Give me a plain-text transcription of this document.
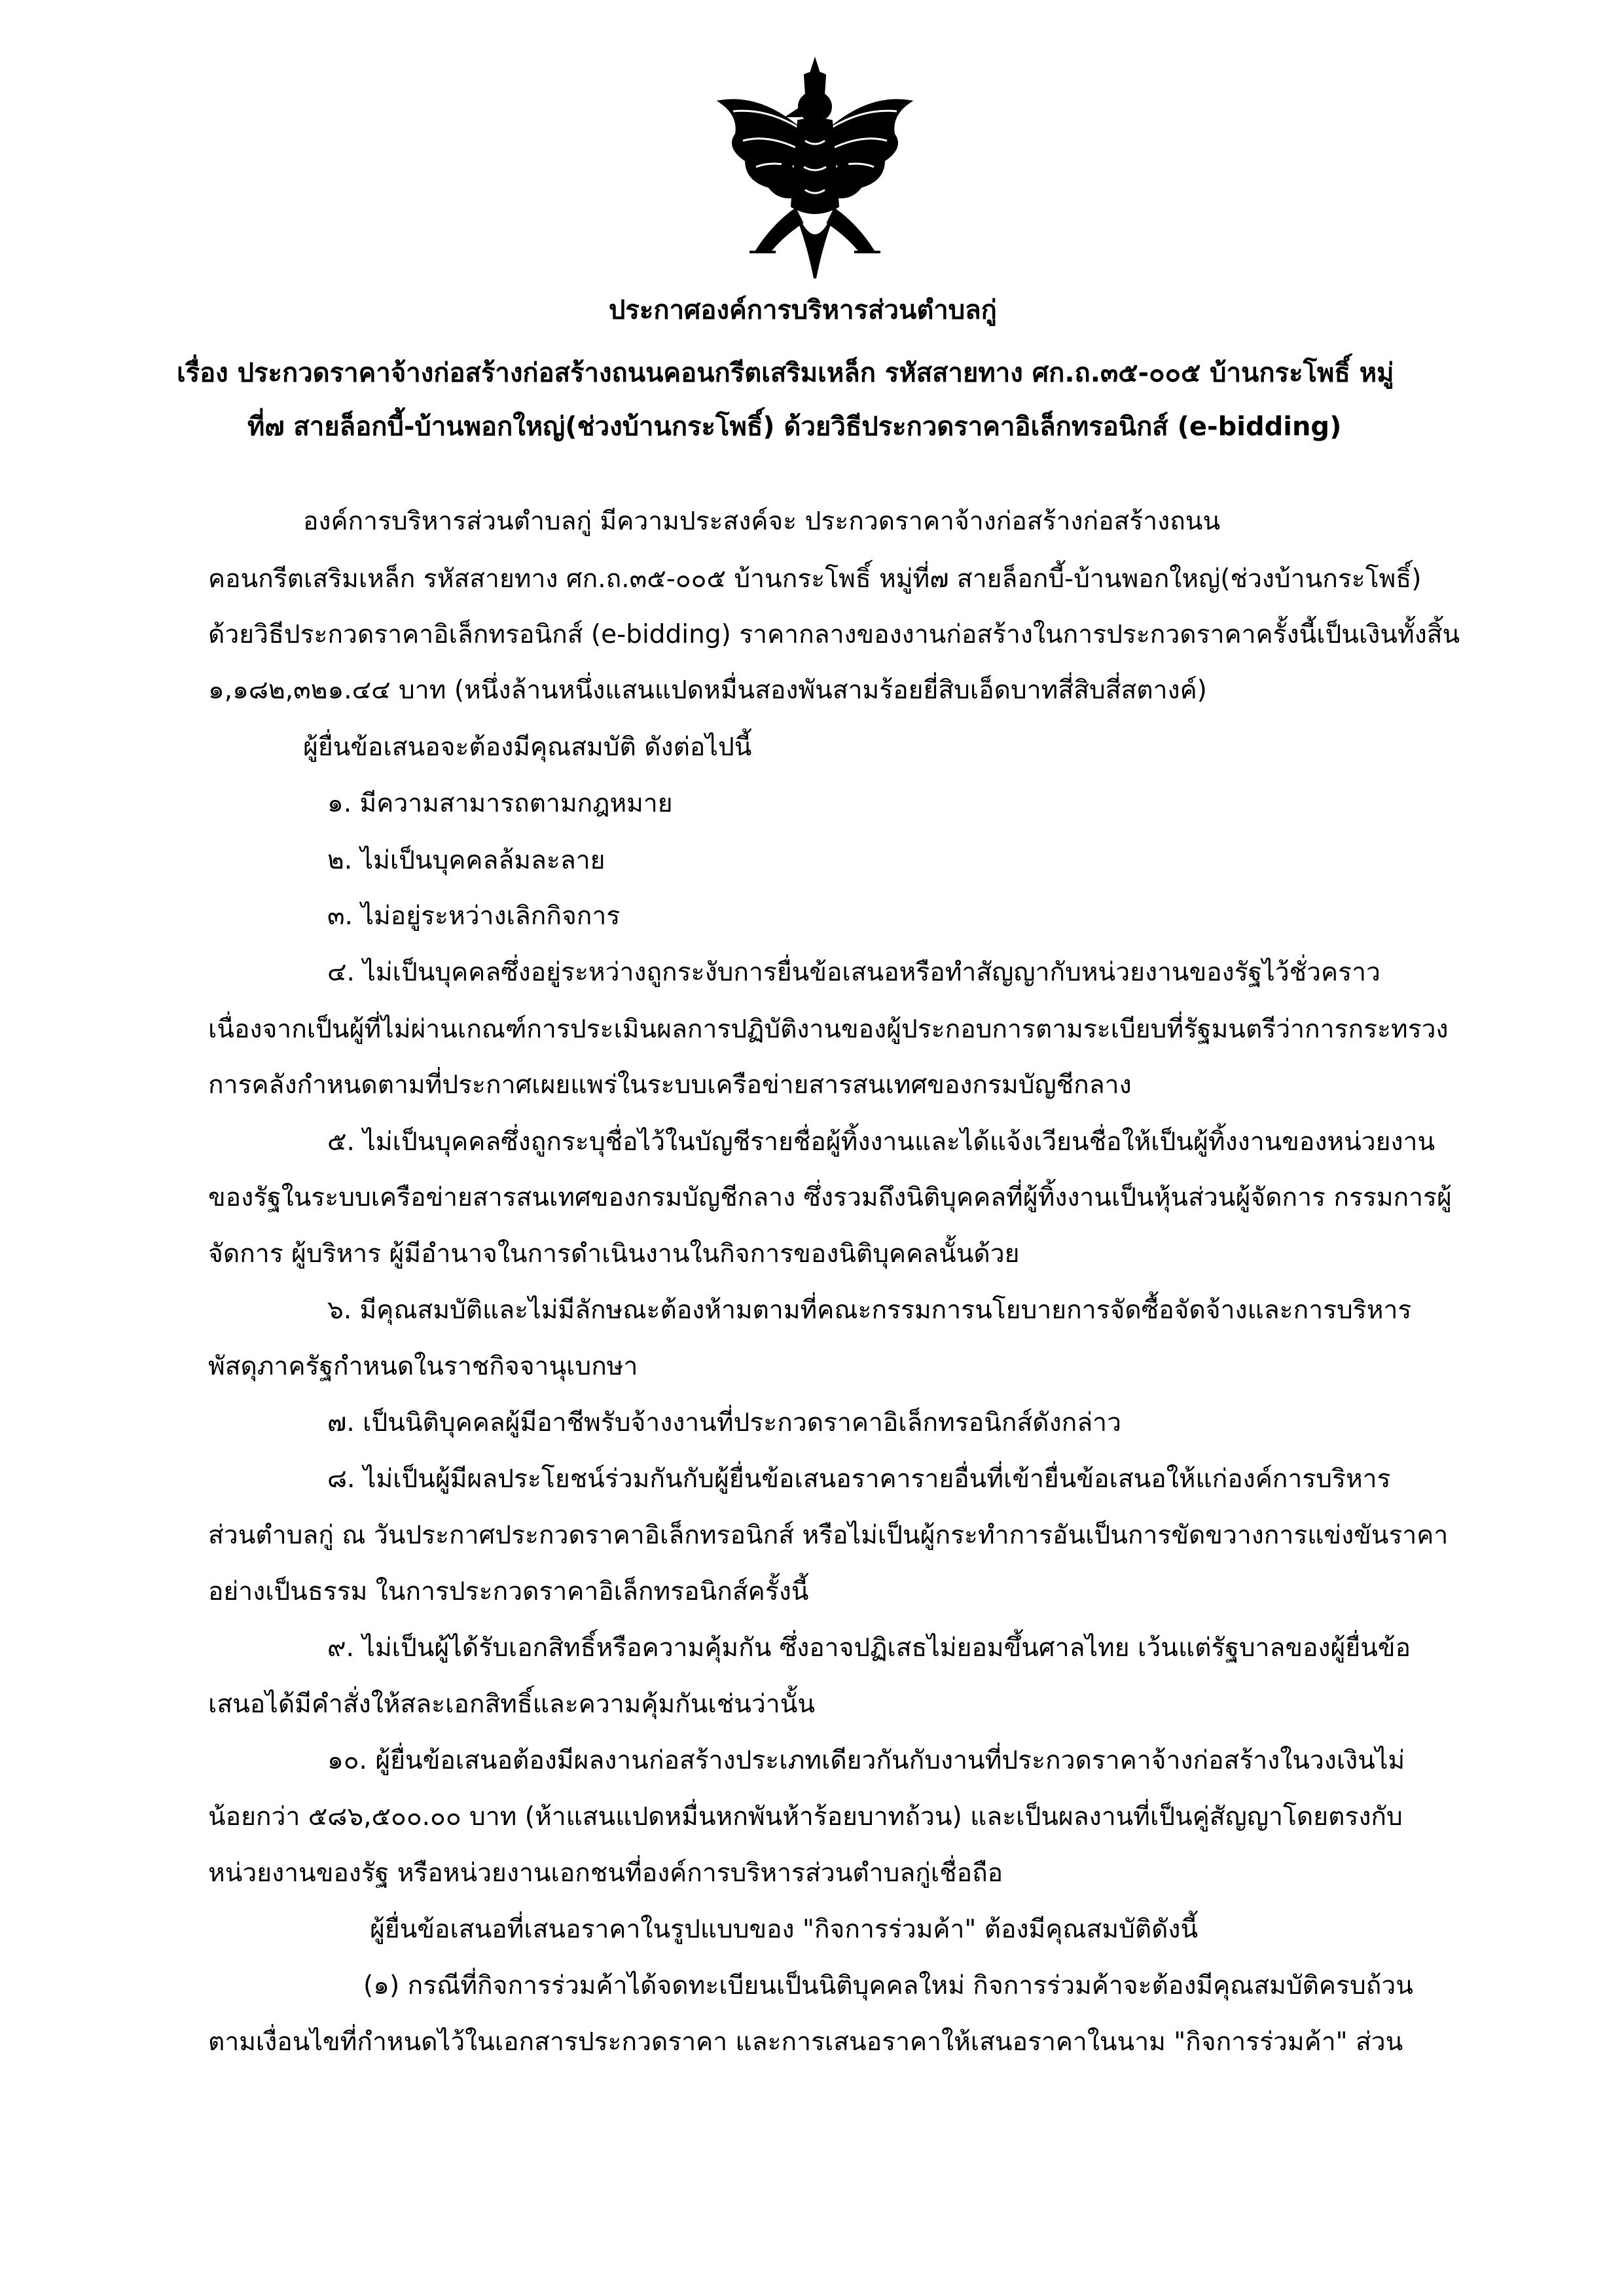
ประกาศองค์การบริหารส่วนตำบลกู่
เรื่อง ประกวดราคาจ้างก่อสร้างก่อสร้างถนนคอนกรีตเสริมเหล็ก รหัสสายทาง ศก.ถ.๓๕-๐๐๕ บ้านกระโพธิ์ หมู่
ที่๗ สายล็อกบี้-บ้านพอกใหญ่(ช่วงบ้านกระโพธิ์) ด้วยวิธีประกวดราคาอิเล็กทรอนิกส์ (e-bidding)
องค์การบริหารส่วนตำบลกู่ มีความประสงค์จะ ประกวดราคาจ้างก่อสร้างก่อสร้างถนน
คอนกรีตเสริมเหล็ก รหัสสายทาง ศก.ถ.๓๕-๐๐๕ บ้านกระโพธิ์ หมู่ที่๗ สายล็อกบี้-บ้านพอกใหญ่(ช่วงบ้านกระโพธิ์)
ด้วยวิธีประกวดราคาอิเล็กทรอนิกส์ (e-bidding) ราคากลางของงานก่อสร้างในการประกวดราคาครั้งนี้เป็นเงินทั้งสิ้น
๑,๑๘๒,๓๒๑.๔๔ บาท (หนึ่งล้านหนึ่งแสนแปดหมื่นสองพันสามร้อยยี่สิบเอ็ดบาทสี่สิบสี่สตางค์)
ผู้ยื่นข้อเสนอจะต้องมีคุณสมบัติ ดังต่อไปนี้
๑. มีความสามารถตามกฎหมาย
๒. ไม่เป็นบุคคลล้มละลาย
๓. ไม่อยู่ระหว่างเลิกกิจการ
๔. ไม่เป็นบุคคลซึ่งอยู่ระหว่างถูกระงับการยื่นข้อเสนอหรือทำสัญญากับหน่วยงานของรัฐไว้ชั่วคราว
เนื่องจากเป็นผู้ที่ไม่ผ่านเกณฑ์การประเมินผลการปฏิบัติงานของผู้ประกอบการตามระเบียบที่รัฐมนตรีว่าการกระทรวง
การคลังกำหนดตามที่ประกาศเผยแพร่ในระบบเครือข่ายสารสนเทศของกรมบัญชีกลาง
๕. ไม่เป็นบุคคลซึ่งถูกระบุชื่อไว้ในบัญชีรายชื่อผู้ทิ้งงานและได้แจ้งเวียนชื่อให้เป็นผู้ทิ้งงานของหน่วยงาน
ของรัฐในระบบเครือข่ายสารสนเทศของกรมบัญชีกลาง ซึ่งรวมถึงนิติบุคคลที่ผู้ทิ้งงานเป็นหุ้นส่วนผู้จัดการ กรรมการผู้
จัดการ ผู้บริหาร ผู้มีอำนาจในการดำเนินงานในกิจการของนิติบุคคลนั้นด้วย
๖. มีคุณสมบัติและไม่มีลักษณะต้องห้ามตามที่คณะกรรมการนโยบายการจัดซื้อจัดจ้างและการบริหาร
พัสดุภาครัฐกำหนดในราชกิจจานุเบกษา
๗. เป็นนิติบุคคลผู้มีอาชีพรับจ้างงานที่ประกวดราคาอิเล็กทรอนิกส์ดังกล่าว
๘. ไม่เป็นผู้มีผลประโยชน์ร่วมกันกับผู้ยื่นข้อเสนอราคารายอื่นที่เข้ายื่นข้อเสนอให้แก่องค์การบริหาร
ส่วนตำบลกู่ ณ วันประกาศประกวดราคาอิเล็กทรอนิกส์ หรือไม่เป็นผู้กระทำการอันเป็นการขัดขวางการแข่งขันราคา
อย่างเป็นธรรม ในการประกวดราคาอิเล็กทรอนิกส์ครั้งนี้
๙. ไม่เป็นผู้ได้รับเอกสิทธิ์หรือความคุ้มกัน ซึ่งอาจปฏิเสธไม่ยอมขึ้นศาลไทย เว้นแต่รัฐบาลของผู้ยื่นข้อ
เสนอได้มีคำสั่งให้สละเอกสิทธิ์และความคุ้มกันเช่นว่านั้น
๑๐. ผู้ยื่นข้อเสนอต้องมีผลงานก่อสร้างประเภทเดียวกันกับงานที่ประกวดราคาจ้างก่อสร้างในวงเงินไม่
น้อยกว่า ๕๘๖,๕๐๐.๐๐ บาท (ห้าแสนแปดหมื่นหกพันห้าร้อยบาทถ้วน) และเป็นผลงานที่เป็นคู่สัญญาโดยตรงกับ
หน่วยงานของรัฐ หรือหน่วยงานเอกชนที่องค์การบริหารส่วนตำบลกู่เชื่อถือ
ผู้ยื่นข้อเสนอที่เสนอราคาในรูปแบบของ "กิจการร่วมค้า" ต้องมีคุณสมบัติดังนี้
(๑) กรณีที่กิจการร่วมค้าได้จดทะเบียนเป็นนิติบุคคลใหม่ กิจการร่วมค้าจะต้องมีคุณสมบัติครบถ้วน
ตามเงื่อนไขที่กำหนดไว้ในเอกสารประกวดราคา และการเสนอราคาให้เสนอราคาในนาม "กิจการร่วมค้า" ส่วน
